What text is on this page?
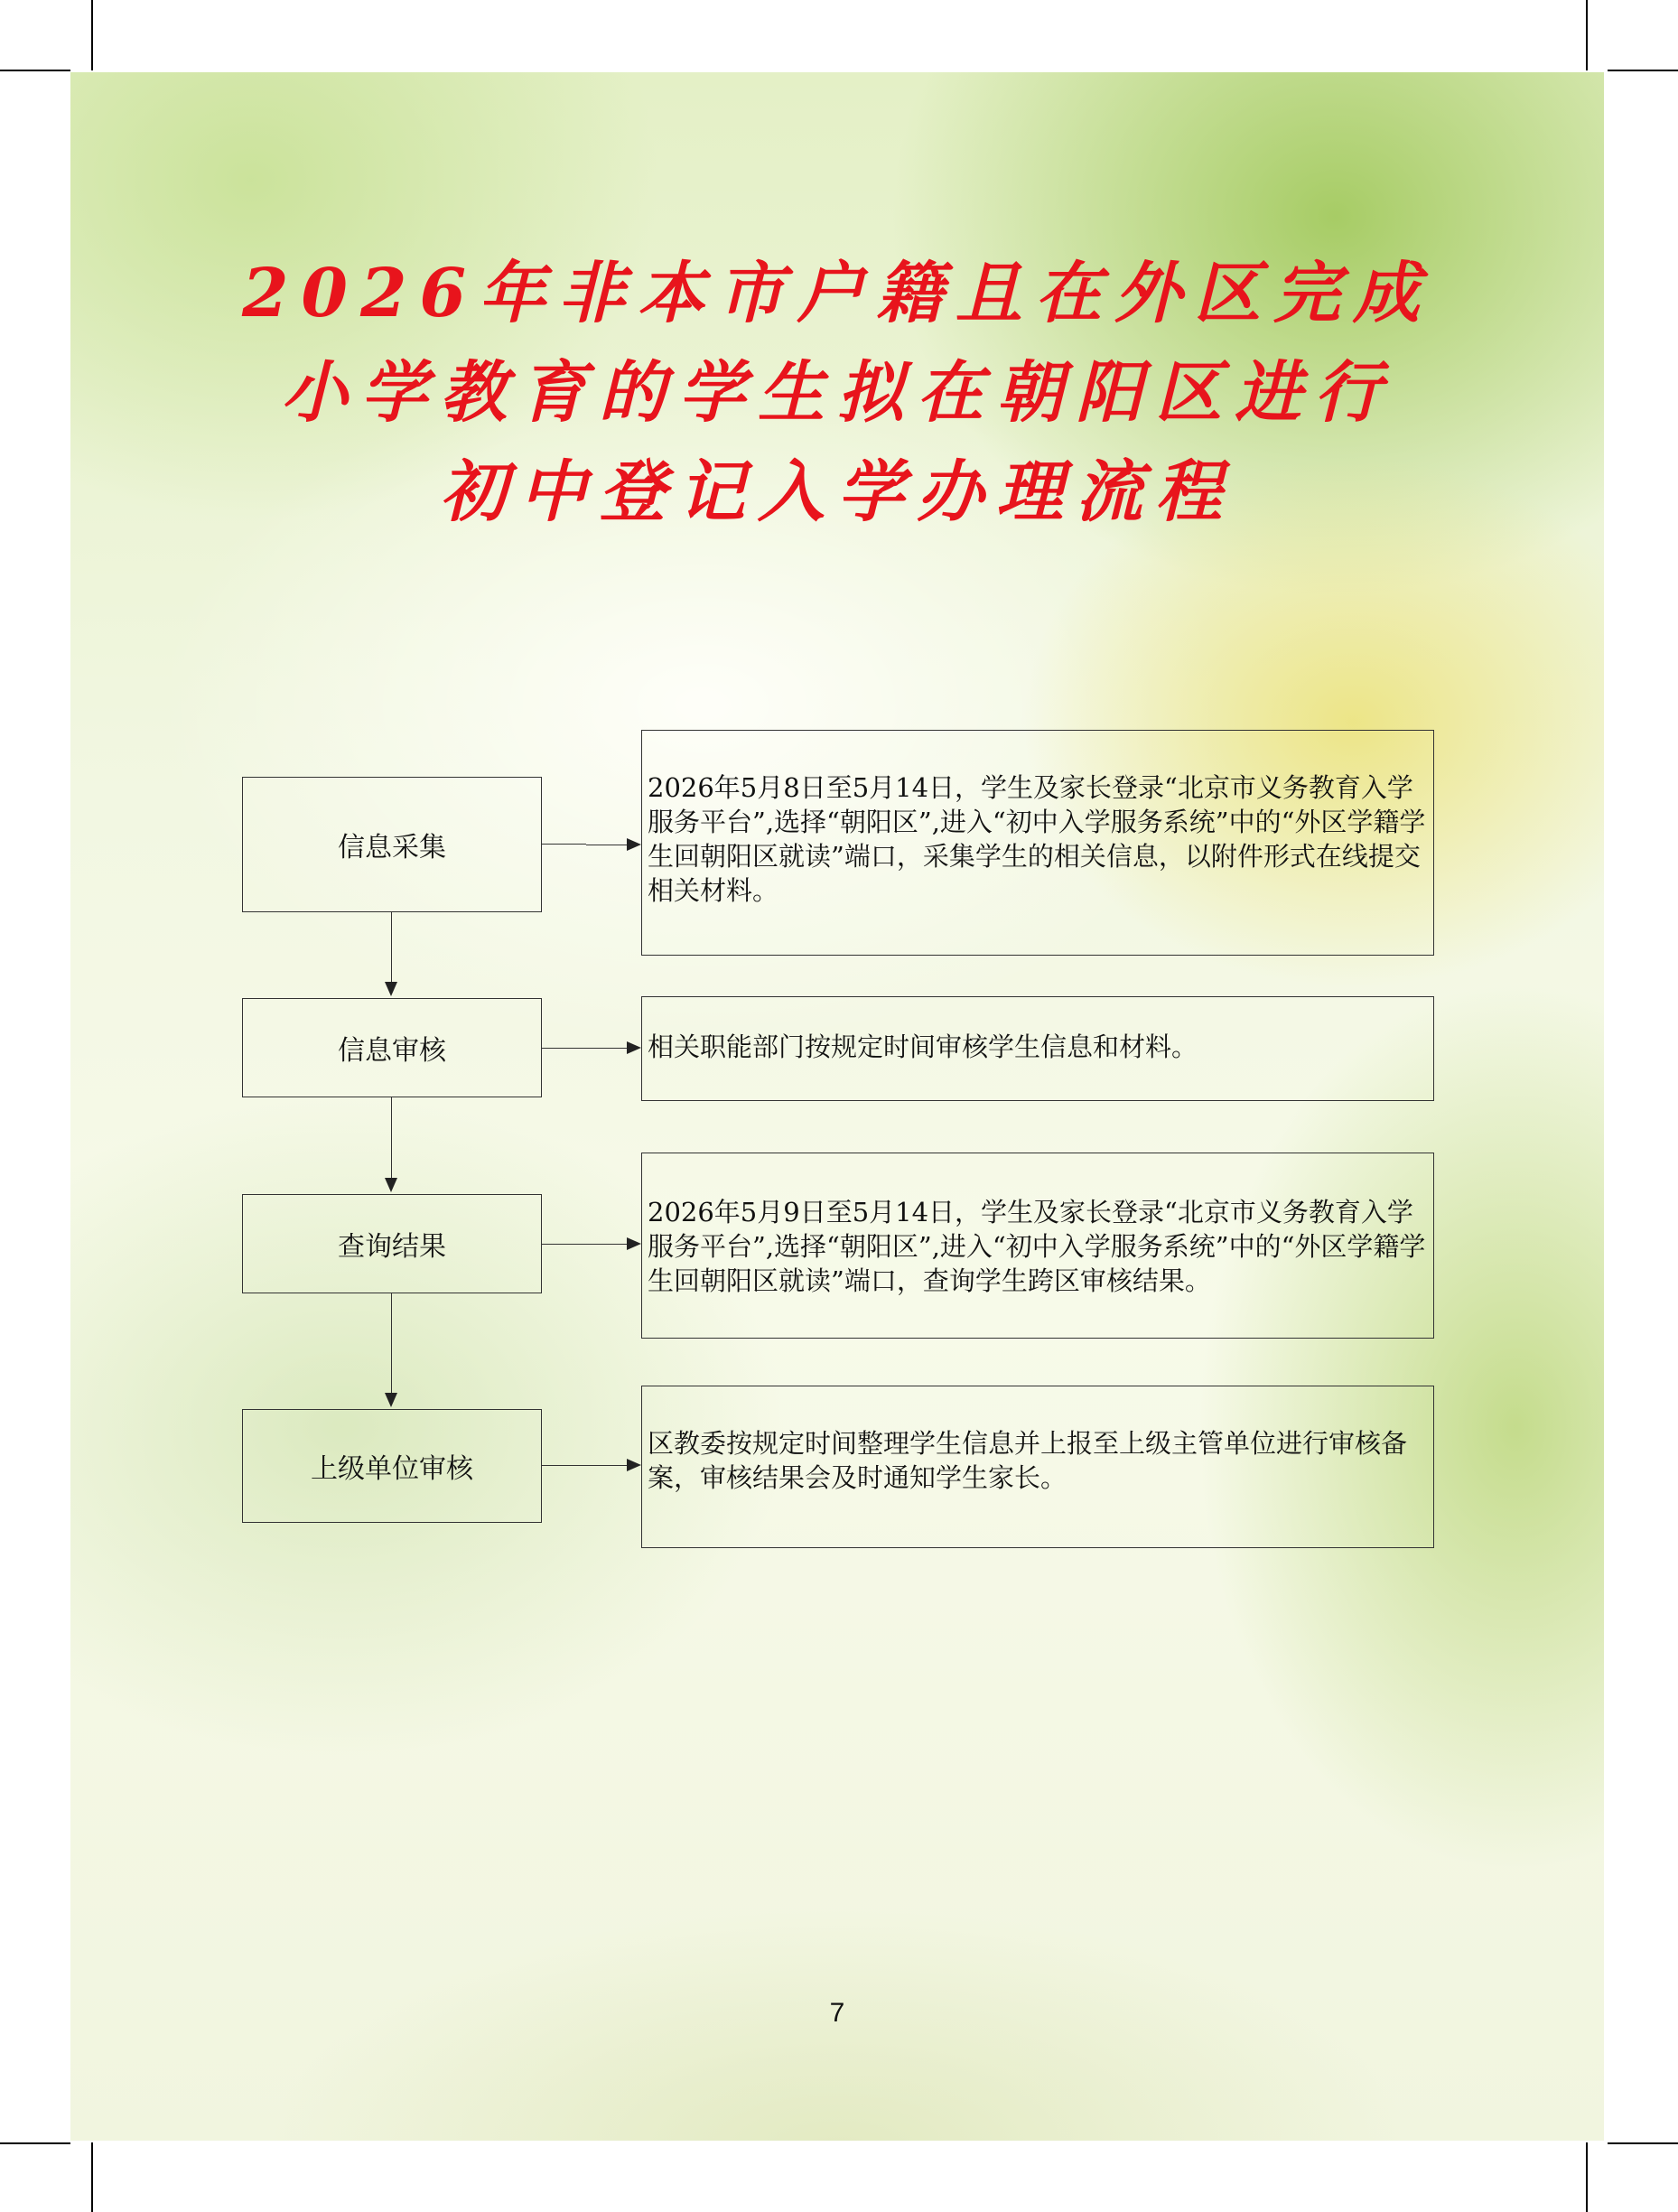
2026年非本市户籍且在外区完成
小学教育的学生拟在朝阳区进行
初中登记入学办理流程
信息采集
2026年5月8日至5月14日，学生及家长登录“北京市义务教育入学服务平台”,选择“朝阳区”,进入“初中入学服务系统”中的“外区学籍学生回朝阳区就读”端口，采集学生的相关信息，以附件形式在线提交相关材料。
信息审核	相关职能部门按规定时间审核学生信息和材料。
查询结果
2026年5月9日至5月14日，学生及家长登录“北京市义务教育入学服务平台”,选择“朝阳区”,进入“初中入学服务系统”中的“外区学籍学生回朝阳区就读”端口，查询学生跨区审核结果。
上级单位审核
区教委按规定时间整理学生信息并上报至上级主管单位进行审核备案，审核结果会及时通知学生家长。
7
